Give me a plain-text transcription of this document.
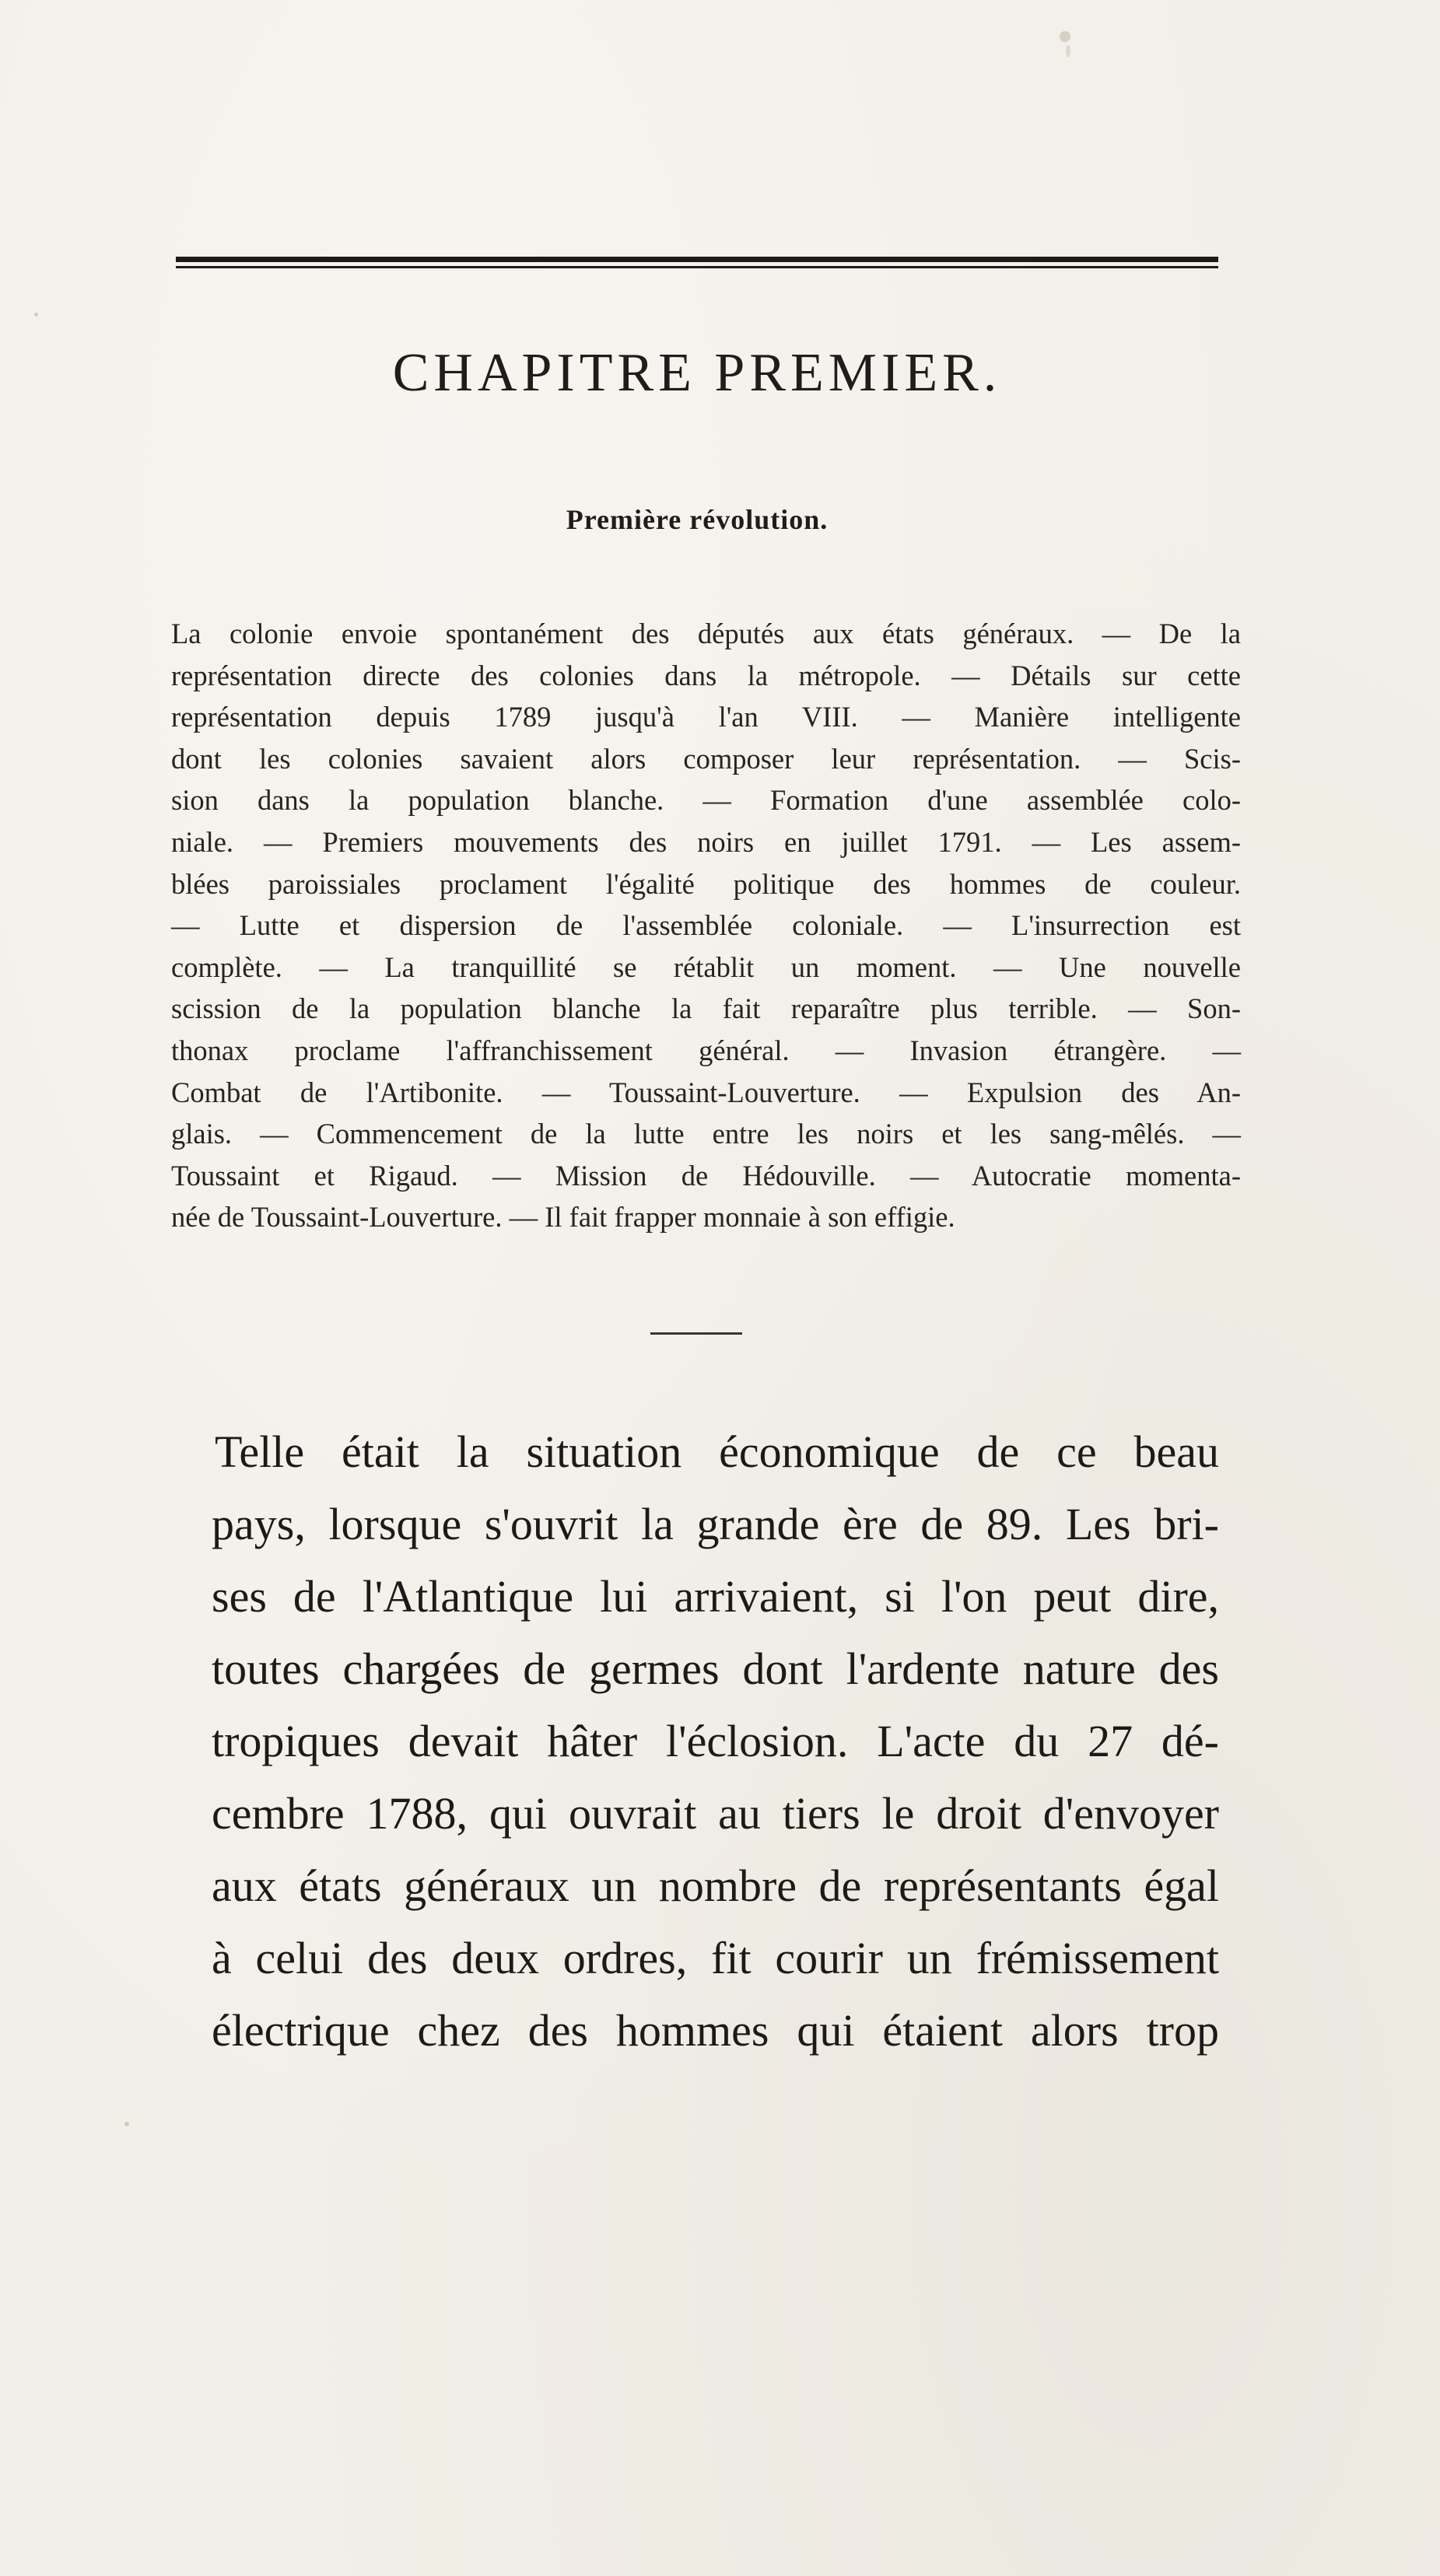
CHAPITRE PREMIER.
Première révolution.
La colonie envoie spontanément des députés aux états généraux. — De la
représentation directe des colonies dans la métropole. — Détails sur cette
représentation depuis 1789 jusqu'à l'an VIII. — Manière intelligente
dont les colonies savaient alors composer leur représentation. — Scis-
sion dans la population blanche. — Formation d'une assemblée colo-
niale. — Premiers mouvements des noirs en juillet 1791. — Les assem-
blées paroissiales proclament l'égalité politique des hommes de couleur.
— Lutte et dispersion de l'assemblée coloniale. — L'insurrection est
complète. — La tranquillité se rétablit un moment. — Une nouvelle
scission de la population blanche la fait reparaître plus terrible. — Son-
thonax proclame l'affranchissement général. — Invasion étrangère. —
Combat de l'Artibonite. — Toussaint-Louverture. — Expulsion des An-
glais. — Commencement de la lutte entre les noirs et les sang-mêlés. —
Toussaint et Rigaud. — Mission de Hédouville. — Autocratie momenta-
née de Toussaint-Louverture. — Il fait frapper monnaie à son effigie.
Telle était la situation économique de ce beau
pays, lorsque s'ouvrit la grande ère de 89. Les bri-
ses de l'Atlantique lui arrivaient, si l'on peut dire,
toutes chargées de germes dont l'ardente nature des
tropiques devait hâter l'éclosion. L'acte du 27 dé-
cembre 1788, qui ouvrait au tiers le droit d'envoyer
aux états généraux un nombre de représentants égal
à celui des deux ordres, fit courir un frémissement
électrique chez des hommes qui étaient alors trop
